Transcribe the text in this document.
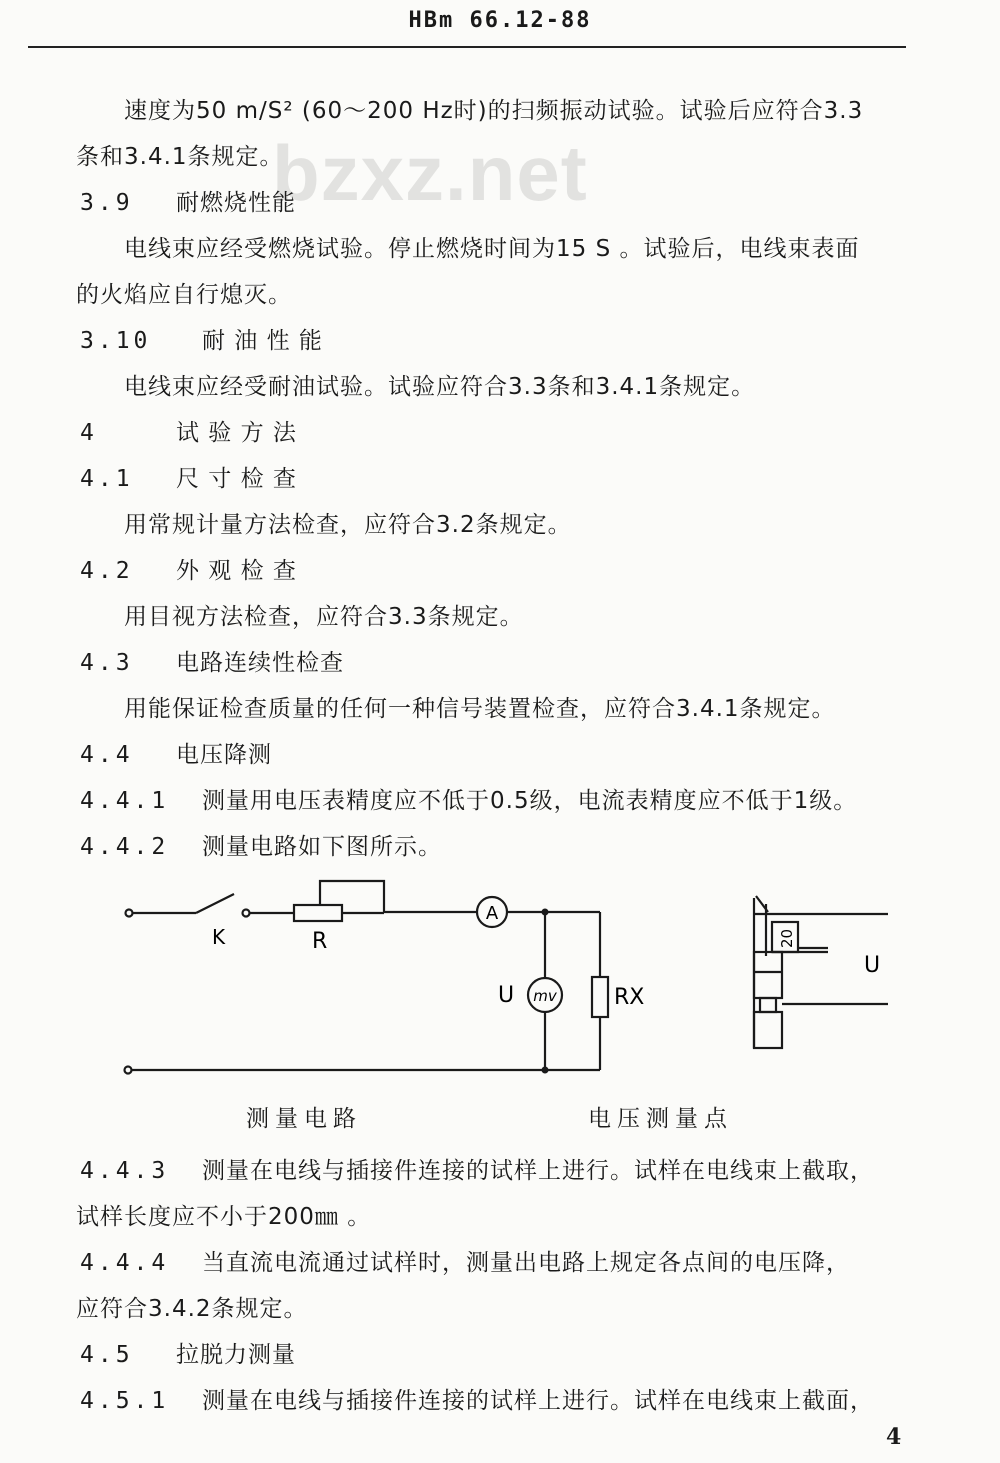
HBm 66.12-88
bzxz.net
速度为50 m/S² (60～200 Hz时)的扫频振动试验。试验后应符合3.3
条和3.4.1条规定。
3.9 耐燃烧性能
电线束应经受燃烧试验。停止燃烧时间为15 S 。试验后，电线束表面
的火焰应自行熄灭。
3.10 耐 油 性 能
电线束应经受耐油试验。试验应符合3.3条和3.4.1条规定。
4	试 验 方 法
4.1 尺 寸 检 查
用常规计量方法检查，应符合3.2条规定。
4.2 外 观 检 查
用目视方法检查，应符合3.3条规定。
4.3 电路连续性检查
用能保证检查质量的任何一种信号装置检查，应符合3.4.1条规定。
4.4 电压降测
4.4.1 测量用电压表精度应不低于0.5级，电流表精度应不低于1级。
4.4.2 测量电路如下图所示。
4.4.3 测量在电线与插接件连接的试样上进行。试样在电线束上截取，
试样长度应不小于200㎜ 。
4.4.4 当直流电流通过试样时，测量出电路上规定各点间的电压降，
应符合3.4.2条规定。
4.5 拉脱力测量
4.5.1 测量在电线与插接件连接的试样上进行。试样在电线束上截面，
K	R
A
mv
U	RX
20
U
测量电路	电压测量点
4
